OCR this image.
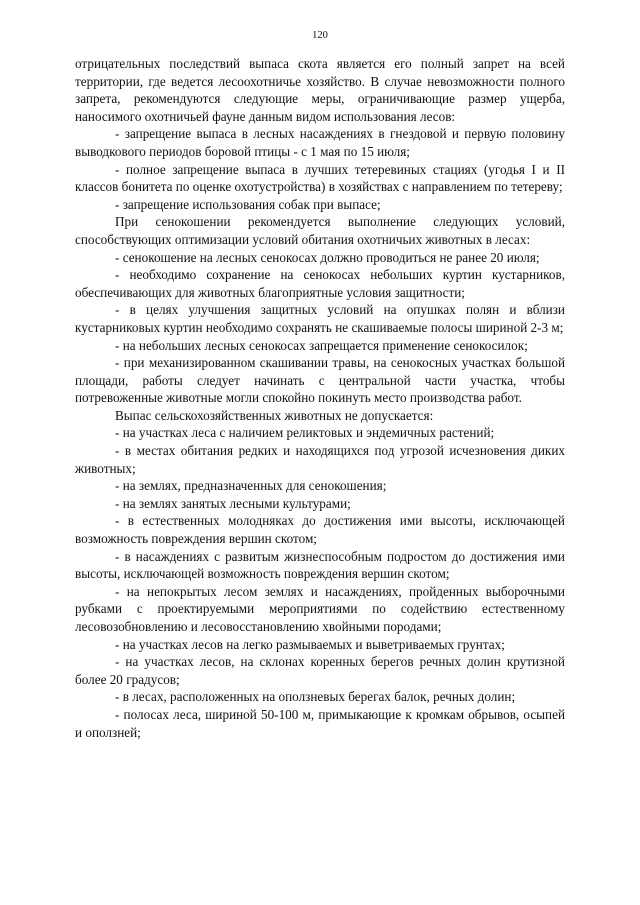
120

отрицательных последствий выпаса скота является его полный запрет на всей территории, где ведется лесоохотничье хозяйство. В случае невозможности полного запрета, рекомендуются следующие меры, ограничивающие размер ущерба, наносимого охотничьей фауне данным видом использования лесов:

- запрещение выпаса в лесных насаждениях в гнездовой и первую половину выводкового периодов боровой птицы - с 1 мая по 15 июля;

- полное запрещение выпаса в лучших тетеревиных стациях (угодья I и II классов бонитета по оценке охотустройства) в хозяйствах с направлением по тетереву;

- запрещение использования собак при выпасе;

При сенокошении рекомендуется выполнение следующих условий, способствующих оптимизации условий обитания охотничьих животных в лесах:

- сенокошение на лесных сенокосах должно проводиться не ранее 20 июля;

- необходимо сохранение на сенокосах небольших куртин кустарников, обеспечивающих для животных благоприятные условия защитности;

- в целях улучшения защитных условий на опушках полян и вблизи кустарниковых куртин необходимо сохранять не скашиваемые полосы шириной 2-3 м;

- на небольших лесных сенокосах запрещается применение сенокосилок;

- при механизированном скашивании травы, на сенокосных участках большой площади, работы следует начинать с центральной части участка, чтобы потревоженные животные могли спокойно покинуть место производства работ.

Выпас сельскохозяйственных животных не допускается:

- на участках леса с наличием реликтовых и эндемичных растений;

- в местах обитания редких и находящихся под угрозой исчезновения диких животных;

- на землях, предназначенных для сенокошения;

- на землях занятых лесными культурами;

- в естественных молодняках до достижения ими высоты, исключающей возможность повреждения вершин скотом;

- в насаждениях с развитым жизнеспособным подростом до достижения ими высоты, исключающей возможность повреждения вершин скотом;

- на непокрытых лесом землях и насаждениях, пройденных выборочными рубками с проектируемыми мероприятиями по содействию естественному лесовозобновлению и лесовосстановлению хвойными породами;

- на участках лесов на легко размываемых и выветриваемых грунтах;

- на участках лесов, на склонах коренных берегов речных долин крутизной более 20 градусов;

- в лесах, расположенных на оползневых берегах балок, речных долин;

- полосах леса, шириной 50-100 м, примыкающие к кромкам обрывов, осыпей и оползней;
